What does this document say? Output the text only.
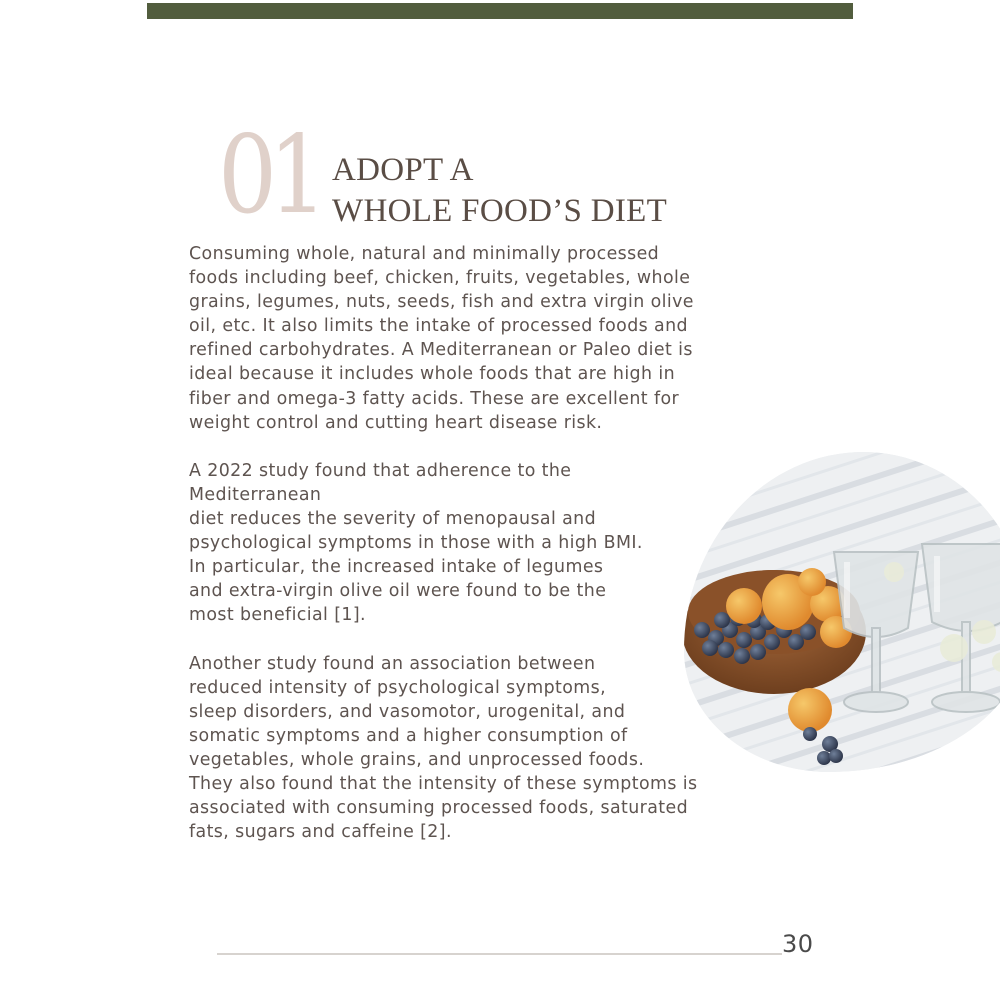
01 ADOPT A
WHOLE FOOD’S DIET
Consuming whole, natural and minimally processed
foods including beef, chicken, fruits, vegetables, whole
grains, legumes, nuts, seeds, fish and extra virgin olive
oil, etc. It also limits the intake of processed foods and
refined carbohydrates. A Mediterranean or Paleo diet is
ideal because it includes whole foods that are high in
fiber and omega-3 fatty acids. These are excellent for
weight control and cutting heart disease risk.
A 2022 study found that adherence to the
Mediterranean
diet reduces the severity of menopausal and
psychological symptoms in those with a high BMI.
In particular, the increased intake of legumes
and extra-virgin olive oil were found to be the
most beneficial [1].
Another study found an association between
reduced intensity of psychological symptoms,
sleep disorders, and vasomotor, urogenital, and
somatic symptoms and a higher consumption of
vegetables, whole grains, and unprocessed foods.
They also found that the intensity of these symptoms is
associated with consuming processed foods, saturated
fats, sugars and caffeine [2].
30
